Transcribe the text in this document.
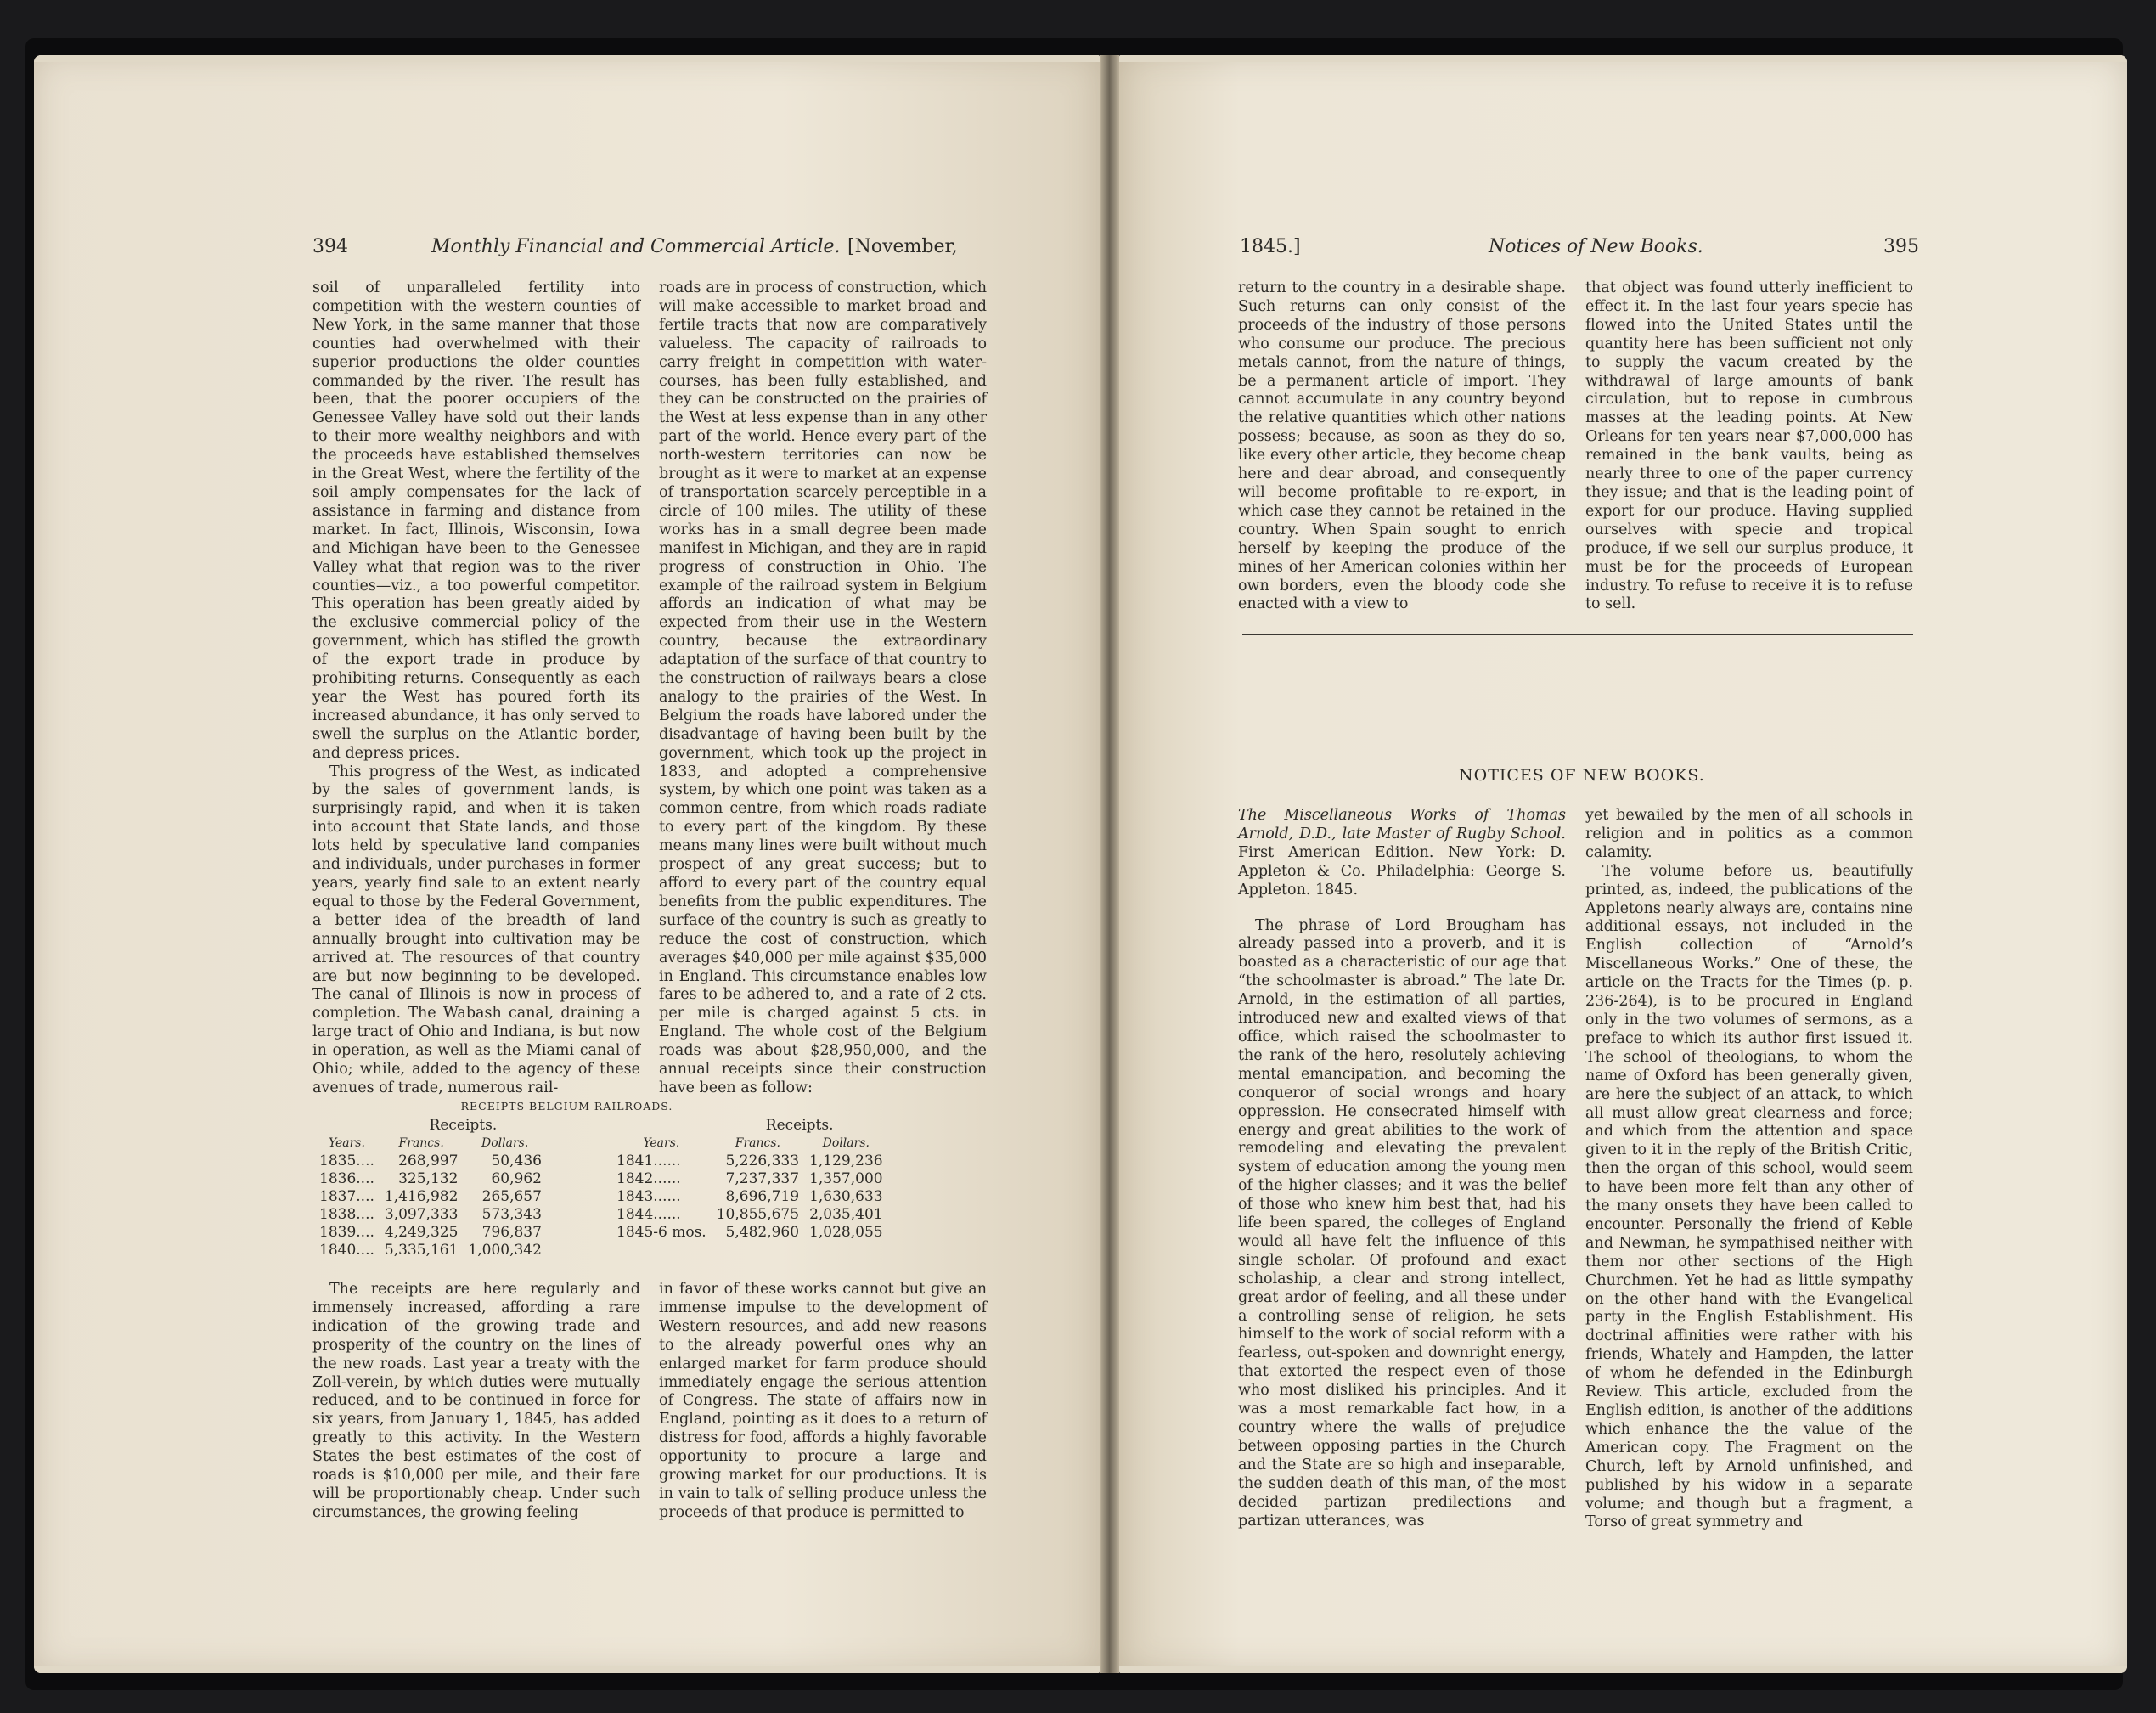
394	Monthly Financial and Commercial Article. [November,

soil of unparalleled fertility into competition with the western counties of New York, in the same manner that those counties had overwhelmed with their superior productions the older counties commanded by the river. The result has been, that the poorer occupiers of the Genessee Valley have sold out their lands to their more wealthy neighbors and with the proceeds have established themselves in the Great West, where the fertility of the soil amply compensates for the lack of assistance in farming and distance from market. In fact, Illinois, Wisconsin, Iowa and Michigan have been to the Genessee Valley what that region was to the river counties—viz., a too powerful competitor. This operation has been greatly aided by the exclusive commercial policy of the government, which has stifled the growth of the export trade in produce by prohibiting returns. Consequently as each year the West has poured forth its increased abundance, it has only served to swell the surplus on the Atlantic border, and depress prices.

This progress of the West, as indicated by the sales of government lands, is surprisingly rapid, and when it is taken into account that State lands, and those lots held by speculative land companies and individuals, under purchases in former years, yearly find sale to an extent nearly equal to those by the Federal Government, a better idea of the breadth of land annually brought into cultivation may be arrived at. The resources of that country are but now beginning to be developed. The canal of Illinois is now in process of completion. The Wabash canal, draining a large tract of Ohio and Indiana, is but now in operation, as well as the Miami canal of Ohio; while, added to the agency of these avenues of trade, numerous rail-

roads are in process of construction, which will make accessible to market broad and fertile tracts that now are comparatively valueless. The capacity of railroads to carry freight in competition with water-courses, has been fully established, and they can be constructed on the prairies of the West at less expense than in any other part of the world. Hence every part of the north-western territories can now be brought as it were to market at an expense of transportation scarcely perceptible in a circle of 100 miles. The utility of these works has in a small degree been made manifest in Michigan, and they are in rapid progress of construction in Ohio. The example of the railroad system in Belgium affords an indication of what may be expected from their use in the Western country, because the extraordinary adaptation of the surface of that country to the construction of railways bears a close analogy to the prairies of the West. In Belgium the roads have labored under the disadvantage of having been built by the government, which took up the project in 1833, and adopted a comprehensive system, by which one point was taken as a common centre, from which roads radiate to every part of the kingdom. By these means many lines were built without much prospect of any great success; but to afford to every part of the country equal benefits from the public expenditures. The surface of the country is such as greatly to reduce the cost of construction, which averages $40,000 per mile against $35,000 in England. This circumstance enables low fares to be adhered to, and a rate of 2 cts. per mile is charged against 5 cts. in England. The whole cost of the Belgium roads was about $28,950,000, and the annual receipts since their construction have been as follow:

RECEIPTS BELGIUM RAILROADS.
	Receipts.	
Years.	Francs.	Dollars.
1835....	268,997	50,436
1836....	325,132	60,962
1837....	1,416,982	265,657
1838....	3,097,333	573,343
1839....	4,249,325	796,837
1840....	5,335,161	1,000,342
	Receipts.	
Years.	Francs.	Dollars.
1841......	5,226,333	1,129,236
1842......	7,237,337	1,357,000
1843......	8,696,719	1,630,633
1844......	10,855,675	2,035,401
1845-6 mos.	5,482,960	1,028,055

The receipts are here regularly and immensely increased, affording a rare indication of the growing trade and prosperity of the country on the lines of the new roads. Last year a treaty with the Zoll-verein, by which duties were mutually reduced, and to be continued in force for six years, from January 1, 1845, has added greatly to this activity. In the Western States the best estimates of the cost of roads is $10,000 per mile, and their fare will be proportionably cheap. Under such circumstances, the growing feeling

in favor of these works cannot but give an immense impulse to the development of Western resources, and add new reasons to the already powerful ones why an enlarged market for farm produce should immediately engage the serious attention of Congress. The state of affairs now in England, pointing as it does to a return of distress for food, affords a highly favorable opportunity to procure a large and growing market for our productions. It is in vain to talk of selling produce unless the proceeds of that produce is permitted to

1845.]	Notices of New Books.	395

return to the country in a desirable shape. Such returns can only consist of the proceeds of the industry of those persons who consume our produce. The precious metals cannot, from the nature of things, be a permanent article of import. They cannot accumulate in any country beyond the relative quantities which other nations possess; because, as soon as they do so, like every other article, they become cheap here and dear abroad, and consequently will become profitable to re-export, in which case they cannot be retained in the country. When Spain sought to enrich herself by keeping the produce of the mines of her American colonies within her own borders, even the bloody code she enacted with a view to

that object was found utterly inefficient to effect it. In the last four years specie has flowed into the United States until the quantity here has been sufficient not only to supply the vacum created by the withdrawal of large amounts of bank circulation, but to repose in cumbrous masses at the leading points. At New Orleans for ten years near $7,000,000 has remained in the bank vaults, being as nearly three to one of the paper currency they issue; and that is the leading point of export for our produce. Having supplied ourselves with specie and tropical produce, if we sell our surplus produce, it must be for the proceeds of European industry. To refuse to receive it is to refuse to sell.

NOTICES OF NEW BOOKS.

The Miscellaneous Works of Thomas Arnold, D.D., late Master of Rugby School. First American Edition. New York: D. Appleton & Co. Philadelphia: George S. Appleton. 1845.

The phrase of Lord Brougham has already passed into a proverb, and it is boasted as a characteristic of our age that “the schoolmaster is abroad.” The late Dr. Arnold, in the estimation of all parties, introduced new and exalted views of that office, which raised the schoolmaster to the rank of the hero, resolutely achieving mental emancipation, and becoming the conqueror of social wrongs and hoary oppression. He consecrated himself with energy and great abilities to the work of remodeling and elevating the prevalent system of education among the young men of the higher classes; and it was the belief of those who knew him best that, had his life been spared, the colleges of England would all have felt the influence of this single scholar. Of profound and exact scholaship, a clear and strong intellect, great ardor of feeling, and all these under a controlling sense of religion, he sets himself to the work of social reform with a fearless, out-spoken and downright energy, that extorted the respect even of those who most disliked his principles. And it was a most remarkable fact how, in a country where the walls of prejudice between opposing parties in the Church and the State are so high and inseparable, the sudden death of this man, of the most decided partizan predilections and partizan utterances, was

yet bewailed by the men of all schools in religion and in politics as a common calamity.

The volume before us, beautifully printed, as, indeed, the publications of the Appletons nearly always are, contains nine additional essays, not included in the English collection of “Arnold’s Miscellaneous Works.” One of these, the article on the Tracts for the Times (p. p. 236-264), is to be procured in England only in the two volumes of sermons, as a preface to which its author first issued it. The school of theologians, to whom the name of Oxford has been generally given, are here the subject of an attack, to which all must allow great clearness and force; and which from the attention and space given to it in the reply of the British Critic, then the organ of this school, would seem to have been more felt than any other of the many onsets they have been called to encounter. Personally the friend of Keble and Newman, he sympathised neither with them nor other sections of the High Churchmen. Yet he had as little sympathy on the other hand with the Evangelical party in the English Establishment. His doctrinal affinities were rather with his friends, Whately and Hampden, the latter of whom he defended in the Edinburgh Review. This article, excluded from the English edition, is another of the additions which enhance the the value of the American copy. The Fragment on the Church, left by Arnold unfinished, and published by his widow in a separate volume; and though but a fragment, a Torso of great symmetry and
